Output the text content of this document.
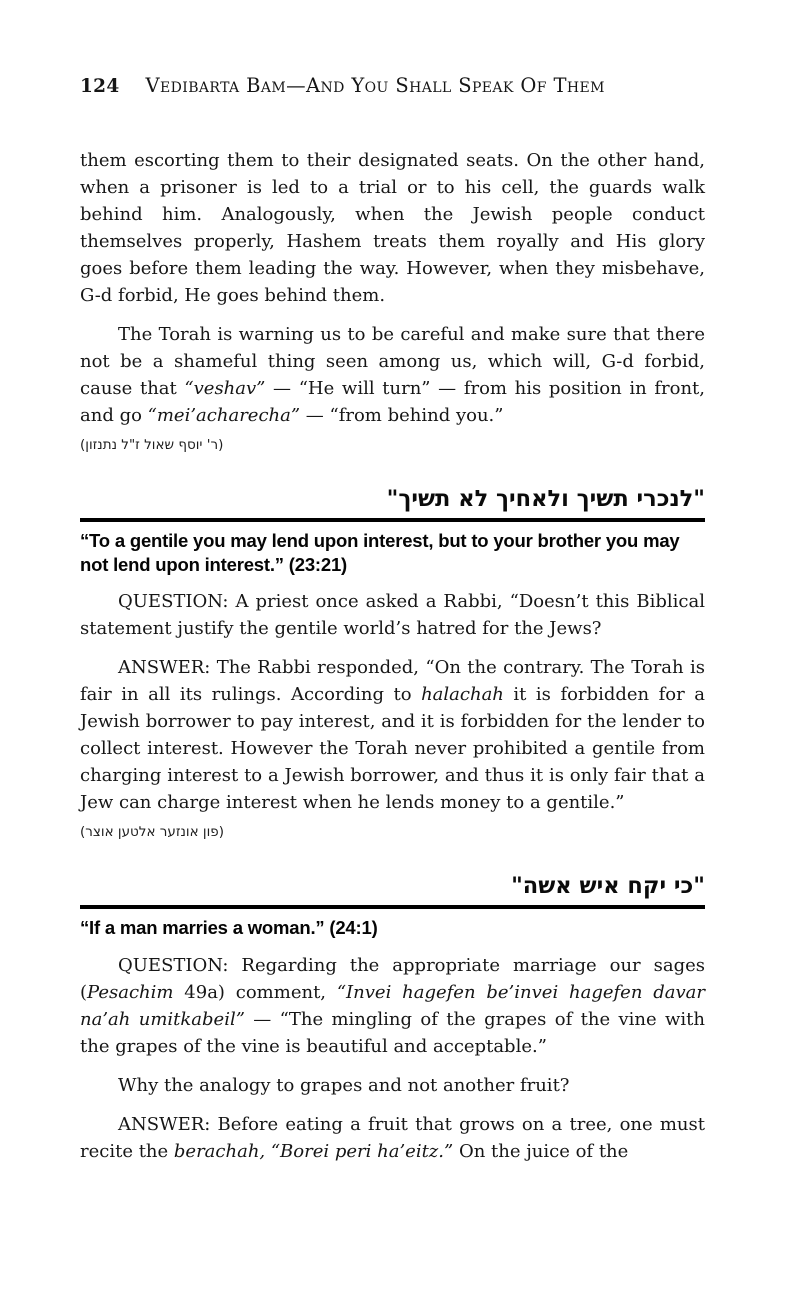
124 Vedibarta Bam—And You Shall Speak Of Them

them escorting them to their designated seats. On the other hand, when a prisoner is led to a trial or to his cell, the guards walk behind him. Analogously, when the Jewish people conduct themselves properly, Hashem treats them royally and His glory goes before them leading the way. However, when they misbehave, G-d forbid, He goes behind them.

The Torah is warning us to be careful and make sure that there not be a shameful thing seen among us, which will, G-d forbid, cause that “veshav” — “He will turn” — from his position in front, and go “mei’acharecha” — “from behind you.”

(ר' יוסף שאול ז"ל נתנזון)
"לנכרי תשיך ולאחיך לא תשיך"
“To a gentile you may lend upon interest, but to your brother you may not lend upon interest.” (23:21)

QUESTION: A priest once asked a Rabbi, “Doesn’t this Biblical statement justify the gentile world’s hatred for the Jews?

ANSWER: The Rabbi responded, “On the contrary. The Torah is fair in all its rulings. According to halachah it is forbidden for a Jewish borrower to pay interest, and it is forbidden for the lender to collect interest. However the Torah never prohibited a gentile from charging interest to a Jewish borrower, and thus it is only fair that a Jew can charge interest when he lends money to a gentile.”

(פון אונזער אלטען אוצר)
"כי יקח איש אשה"
“If a man marries a woman.” (24:1)

QUESTION: Regarding the appropriate marriage our sages (Pesachim 49a) comment, “Invei hagefen be’invei hagefen davar na’ah umitkabeil” — “The mingling of the grapes of the vine with the grapes of the vine is beautiful and acceptable.”

Why the analogy to grapes and not another fruit?

ANSWER: Before eating a fruit that grows on a tree, one must recite the berachah, “Borei peri ha’eitz.” On the juice of the
